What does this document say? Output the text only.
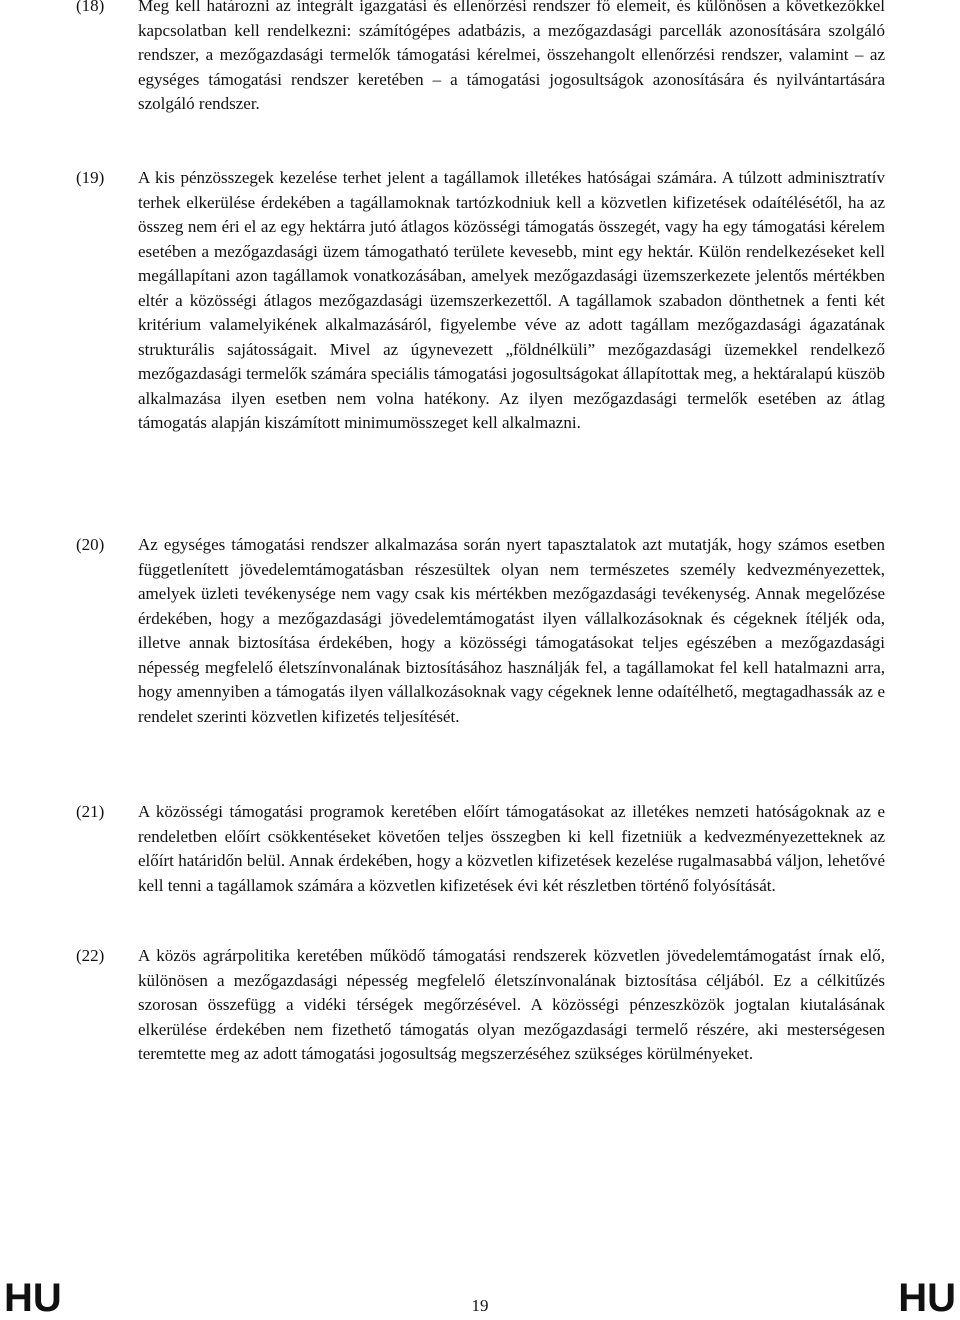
(18) Meg kell határozni az integrált igazgatási és ellenőrzési rendszer fő elemeit, és különösen a következőkkel kapcsolatban kell rendelkezni: számítógépes adatbázis, a mezőgazdasági parcellák azonosítására szolgáló rendszer, a mezőgazdasági termelők támogatási kérelmei, összehangolt ellenőrzési rendszer, valamint – az egységes támogatási rendszer keretében – a támogatási jogosultságok azonosítására és nyilvántartására szolgáló rendszer.
(19) A kis pénzösszegek kezelése terhet jelent a tagállamok illetékes hatóságai számára. A túlzott adminisztratív terhek elkerülése érdekében a tagállamoknak tartózkodniuk kell a közvetlen kifizetések odaítélésétől, ha az összeg nem éri el az egy hektárra jutó átlagos közösségi támogatás összegét, vagy ha egy támogatási kérelem esetében a mezőgazdasági üzem támogatható területe kevesebb, mint egy hektár. Külön rendelkezéseket kell megállapítani azon tagállamok vonatkozásában, amelyek mezőgazdasági üzemszerkezete jelentős mértékben eltér a közösségi átlagos mezőgazdasági üzemszerkezettől. A tagállamok szabadon dönthetnek a fenti két kritérium valamelyikének alkalmazásáról, figyelembe véve az adott tagállam mezőgazdasági ágazatának strukturális sajátosságait. Mivel az úgynevezett „földnélküli” mezőgazdasági üzemekkel rendelkező mezőgazdasági termelők számára speciális támogatási jogosultságokat állapítottak meg, a hektáralapú küszöb alkalmazása ilyen esetben nem volna hatékony. Az ilyen mezőgazdasági termelők esetében az átlag támogatás alapján kiszámított minimumösszeget kell alkalmazni.
(20) Az egységes támogatási rendszer alkalmazása során nyert tapasztalatok azt mutatják, hogy számos esetben függetlenített jövedelemtámogatásban részesültek olyan nem természetes személy kedvezményezettek, amelyek üzleti tevékenysége nem vagy csak kis mértékben mezőgazdasági tevékenység. Annak megelőzése érdekében, hogy a mezőgazdasági jövedelemtámogatást ilyen vállalkozásoknak és cégeknek ítéljék oda, illetve annak biztosítása érdekében, hogy a közösségi támogatásokat teljes egészében a mezőgazdasági népesség megfelelő életszínvonalának biztosításához használják fel, a tagállamokat fel kell hatalmazni arra, hogy amennyiben a támogatás ilyen vállalkozásoknak vagy cégeknek lenne odaítélhető, megtagadhassák az e rendelet szerinti közvetlen kifizetés teljesítését.
(21) A közösségi támogatási programok keretében előírt támogatásokat az illetékes nemzeti hatóságoknak az e rendeletben előírt csökkentéseket követően teljes összegben ki kell fizetniük a kedvezményezetteknek az előírt határidőn belül. Annak érdekében, hogy a közvetlen kifizetések kezelése rugalmasabbá váljon, lehetővé kell tenni a tagállamok számára a közvetlen kifizetések évi két részletben történő folyósítását.
(22) A közös agrárpolitika keretében működő támogatási rendszerek közvetlen jövedelemtámogatást írnak elő, különösen a mezőgazdasági népesség megfelelő életszínvonalának biztosítása céljából. Ez a célkitűzés szorosan összefügg a vidéki térségek megőrzésével. A közösségi pénzeszközök jogtalan kiutalásának elkerülése érdekében nem fizethető támogatás olyan mezőgazdasági termelő részére, aki mesterségesen teremtette meg az adott támogatási jogosultság megszerzéséhez szükséges körülményeket.
HU	19	HU
